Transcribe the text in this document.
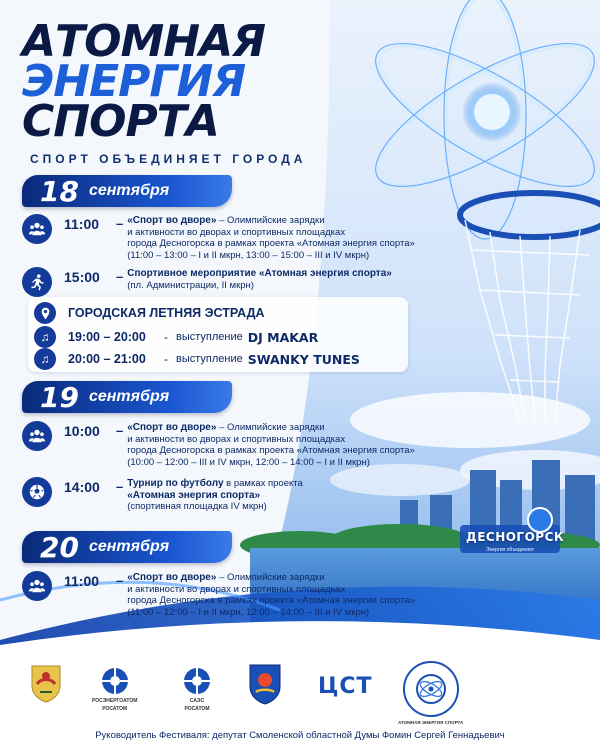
АТОМНАЯ
ЭНЕРГИЯ
СПОРТА
СПОРТ ОБЪЕДИНЯЕТ ГОРОДА
18 сентября
11:00	– «Спорт во дворе» – Олимпийские зарядки
и активности во дворах и спортивных площадках
города Десногорска в рамках проекта «Атомная энергия спорта»
(11:00 – 13:00 – I и II мкрн, 13:00 – 15:00 – III и IV мкрн)
15:00	– Спортивное мероприятие «Атомная энергия спорта»
(пл. Администрации, II мкрн)
ГОРОДСКАЯ ЛЕТНЯЯ ЭСТРАДА
♫	19:00 – 20:00	- выступление DJ MAKAR
♫	20:00 – 21:00	- выступление SWANKY TUNES
19 сентября
10:00	– «Спорт во дворе» – Олимпийские зарядки
и активности во дворах и спортивных площадках
города Десногорска в рамках проекта «Атомная энергия спорта»
(10:00 – 12:00 – III и IV мкрн, 12:00 – 14:00 – I и II мкрн)
14:00	– Турнир по футболу в рамках проекта
«Атомная энергия спорта»
(спортивная площадка IV мкрн)
20 сентября
11:00	– «Спорт во дворе» – Олимпийские зарядки
и активности во дворах и спортивных площадках
города Десногорска в рамках проекта «Атомная энергия спорта»
(11:00 – 12:00 – I и II мкрн, 12:00 – 14:00 – III и IV мкрн)
ДЕСНОГОРСК
Энергия объединяет
РОСЭНЕРГОАТОМ
РОСАТОМ
САЭС
РОСАТОМ
ЦСТ
АТОМНАЯ ЭНЕРГИЯ СПОРТА
Руководитель Фестиваля: депутат Смоленской областной Думы Фомин Сергей Геннадьевич
